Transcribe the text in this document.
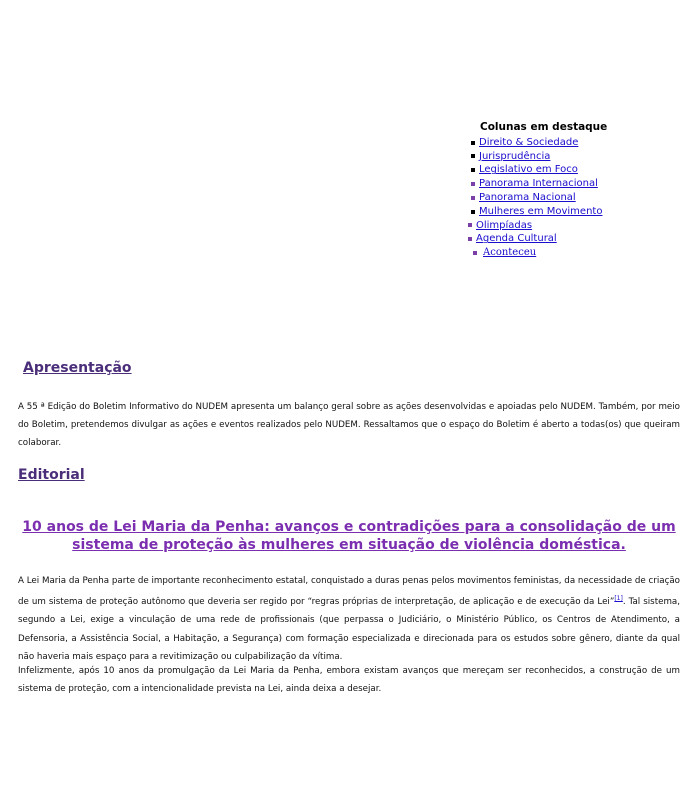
Colunas em destaque
Direito & Sociedade
Jurisprudência
Legislativo em Foco
Panorama Internacional
Panorama Nacional
Mulheres em Movimento
Olimpíadas
Agenda Cultural
Aconteceu
Apresentação

A 55 ª Edição do Boletim Informativo do NUDEM apresenta um balanço geral sobre as ações desenvolvidas e apoiadas pelo NUDEM. Também, por meio do Boletim, pretendemos divulgar as ações e eventos realizados pelo NUDEM. Ressaltamos que o espaço do Boletim é aberto a todas(os) que queiram colaborar.

Editorial
10 anos de Lei Maria da Penha: avanços e contradições para a consolidação de um sistema de proteção às mulheres em situação de violência doméstica.

A Lei Maria da Penha parte de importante reconhecimento estatal, conquistado a duras penas pelos movimentos feministas, da necessidade de criação de um sistema de proteção autônomo que deveria ser regido por “regras próprias de interpretação, de aplicação e de execução da Lei”[1]. Tal sistema, segundo a Lei, exige a vinculação de uma rede de profissionais (que perpassa o Judiciário, o Ministério Público, os Centros de Atendimento, a Defensoria, a Assistência Social, a Habitação, a Segurança) com formação especializada e direcionada para os estudos sobre gênero, diante da qual não haveria mais espaço para a revitimização ou culpabilização da vítima.

Infelizmente, após 10 anos da promulgação da Lei Maria da Penha, embora existam avanços que mereçam ser reconhecidos, a construção de um sistema de proteção, com a intencionalidade prevista na Lei, ainda deixa a desejar.
